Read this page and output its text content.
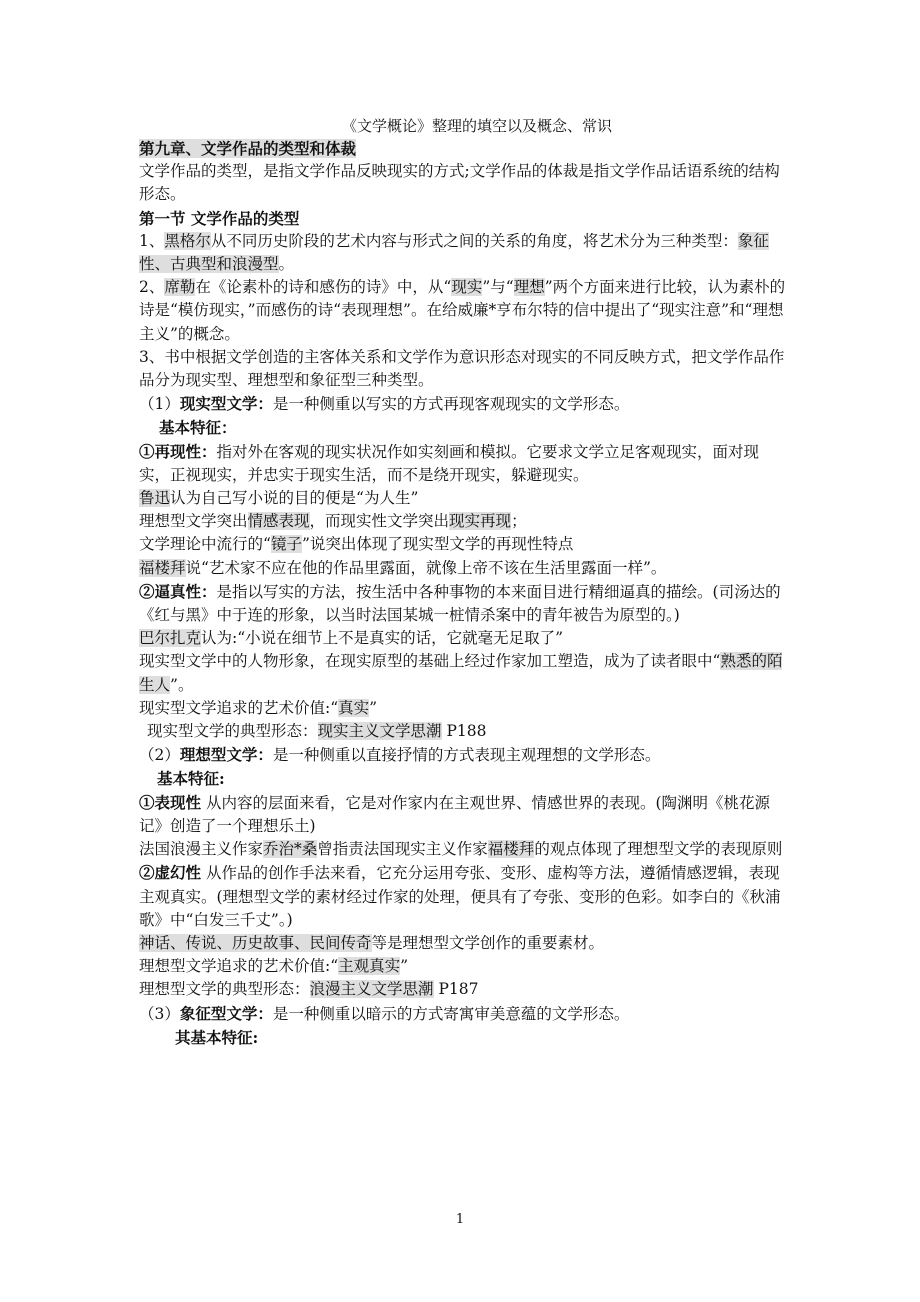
《文学概论》整理的填空以及概念、常识

第九章、文学作品的类型和体裁

文学作品的类型，是指文学作品反映现实的方式;文学作品的体裁是指文学作品话语系统的结构形态。

第一节 文学作品的类型

1、黑格尔从不同历史阶段的艺术内容与形式之间的关系的角度，将艺术分为三种类型：象征性、古典型和浪漫型。

2、席勒在《论素朴的诗和感伤的诗》中，从“现实”与“理想”两个方面来进行比较，认为素朴的诗是“模仿现实，”而感伤的诗“表现理想”。在给威廉*亨布尔特的信中提出了“现实注意”和“理想主义”的概念。

3、书中根据文学创造的主客体关系和文学作为意识形态对现实的不同反映方式，把文学作品作品分为现实型、理想型和象征型三种类型。

（1）现实型文学：是一种侧重以写实的方式再现客观现实的文学形态。

基本特征：

①再现性：指对外在客观的现实状况作如实刻画和模拟。它要求文学立足客观现实，面对现实，正视现实，并忠实于现实生活，而不是绕开现实，躲避现实。

鲁迅认为自己写小说的目的便是“为人生”

理想型文学突出情感表现，而现实性文学突出现实再现；

文学理论中流行的“镜子”说突出体现了现实型文学的再现性特点

福楼拜说“艺术家不应在他的作品里露面，就像上帝不该在生活里露面一样”。

②逼真性：是指以写实的方法，按生活中各种事物的本来面目进行精细逼真的描绘。(司汤达的《红与黑》中于连的形象，以当时法国某城一桩情杀案中的青年被告为原型的。)

巴尔扎克认为:“小说在细节上不是真实的话，它就毫无足取了”

现实型文学中的人物形象，在现实原型的基础上经过作家加工塑造，成为了读者眼中“熟悉的陌生人”。

现实型文学追求的艺术价值:“真实”

现实型文学的典型形态：现实主义文学思潮 P188

（2）理想型文学：是一种侧重以直接抒情的方式表现主观理想的文学形态。

基本特征:

①表现性 从内容的层面来看，它是对作家内在主观世界、情感世界的表现。(陶渊明《桃花源记》创造了一个理想乐土)

法国浪漫主义作家乔治*桑曾指责法国现实主义作家福楼拜的观点体现了理想型文学的表现原则

②虚幻性 从作品的创作手法来看，它充分运用夸张、变形、虚构等方法，遵循情感逻辑，表现主观真实。(理想型文学的素材经过作家的处理，便具有了夸张、变形的色彩。如李白的《秋浦歌》中“白发三千丈”。)

神话、传说、历史故事、民间传奇等是理想型文学创作的重要素材。

理想型文学追求的艺术价值:“主观真实”

理想型文学的典型形态：浪漫主义文学思潮 P187

（3）象征型文学：是一种侧重以暗示的方式寄寓审美意蕴的文学形态。

其基本特征:

1
